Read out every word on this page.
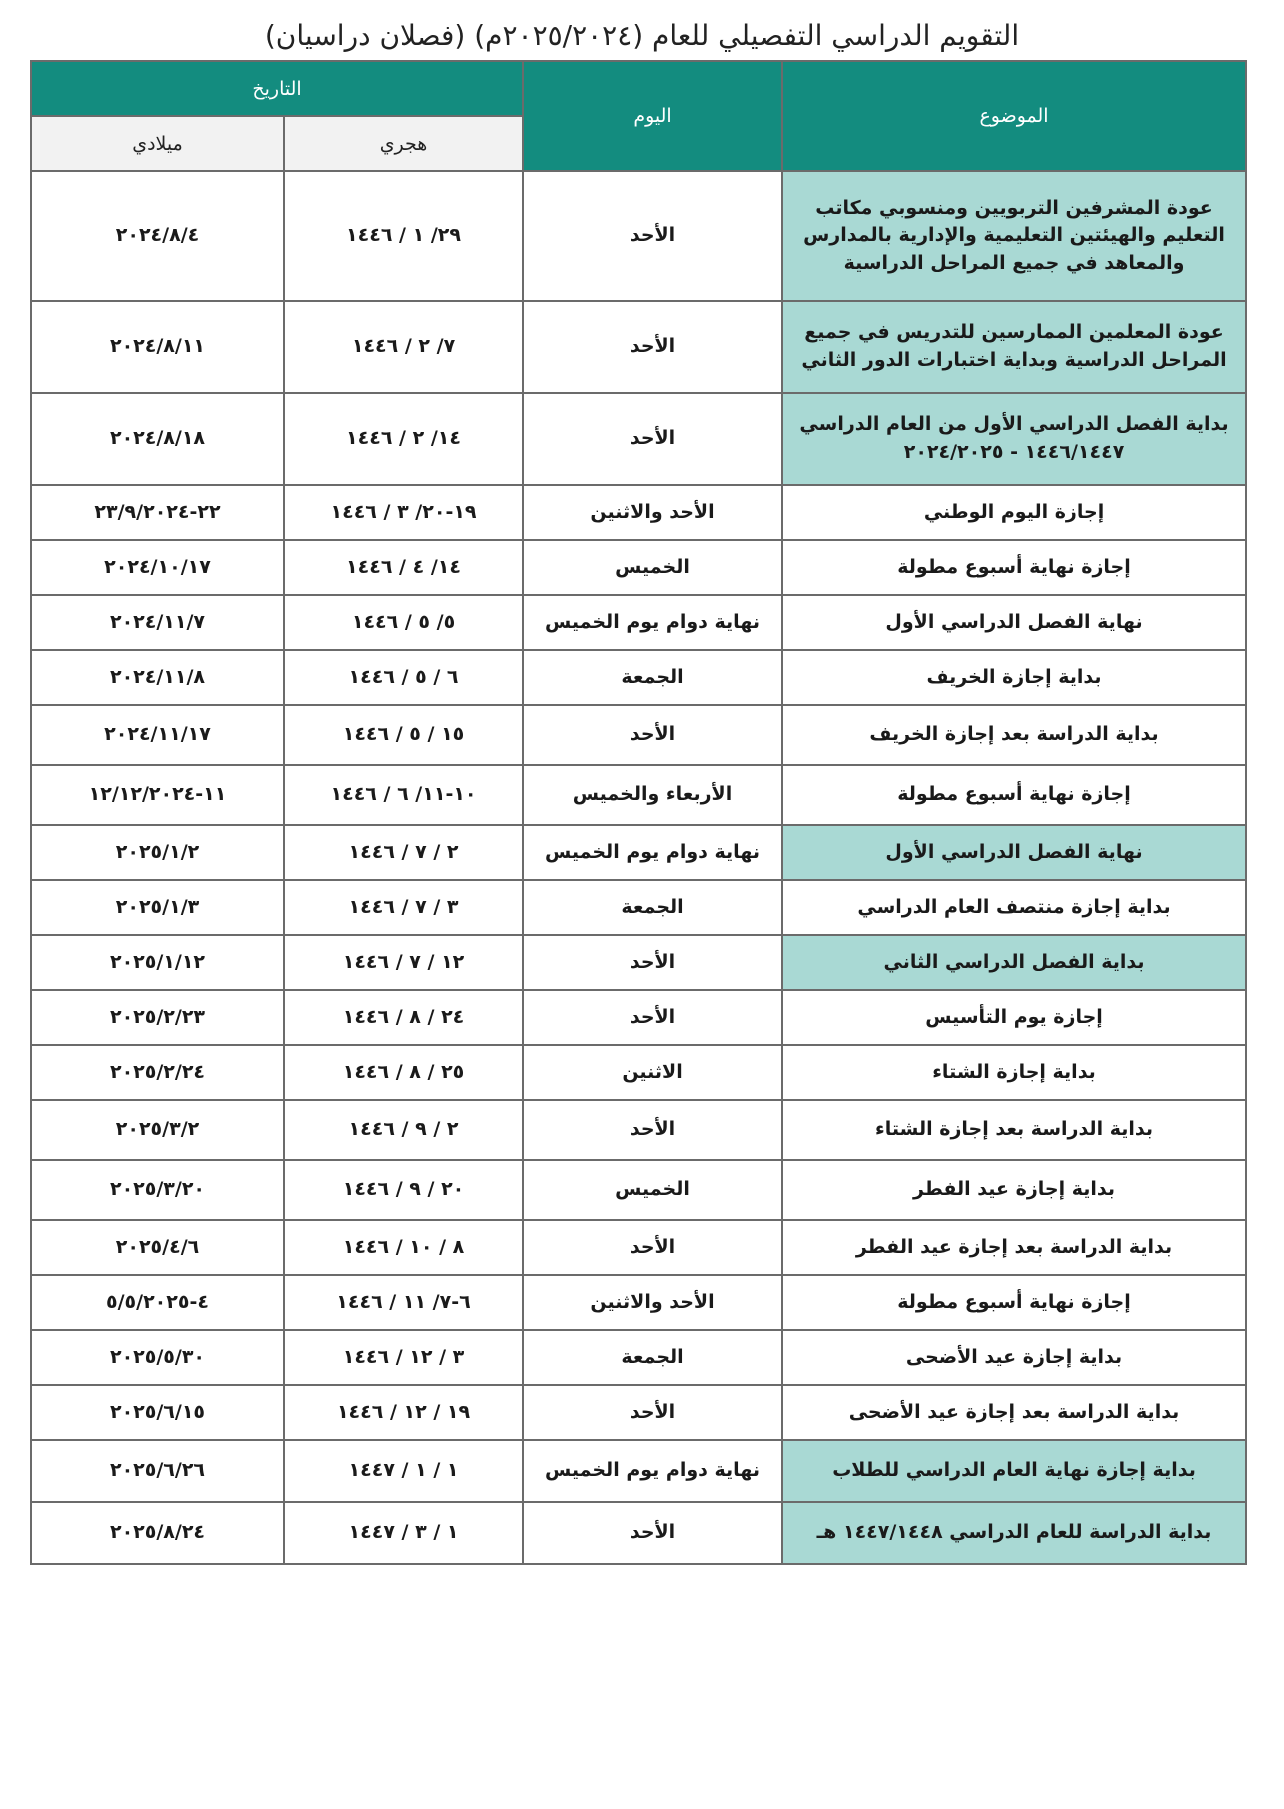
التقويم الدراسي التفصيلي للعام (٢٠٢٥/٢٠٢٤م) (فصلان دراسيان)
الموضوع	اليوم	التاريخ	
		هجري	ميلادي
عودة المشرفين التربويين ومنسوبي مكاتب التعليم والهيئتين التعليمية والإدارية بالمدارس والمعاهد في جميع المراحل الدراسية	الأحد	٢٩/ ١ / ١٤٤٦	٢٠٢٤/٨/٤
عودة المعلمين الممارسين للتدريس في جميع المراحل الدراسية وبداية اختبارات الدور الثاني	الأحد	٧/ ٢ / ١٤٤٦	٢٠٢٤/٨/١١
بداية الفصل الدراسي الأول من العام الدراسي ١٤٤٦/١٤٤٧ - ٢٠٢٤/٢٠٢٥	الأحد	١٤/ ٢ / ١٤٤٦	٢٠٢٤/٨/١٨
إجازة اليوم الوطني	الأحد والاثنين	١٩-٢٠/ ٣ / ١٤٤٦	٢٢-٢٣/٩/٢٠٢٤
إجازة نهاية أسبوع مطولة	الخميس	١٤/ ٤ / ١٤٤٦	٢٠٢٤/١٠/١٧
نهاية الفصل الدراسي الأول	نهاية دوام يوم الخميس	٥/ ٥ / ١٤٤٦	٢٠٢٤/١١/٧
بداية إجازة الخريف	الجمعة	٦ / ٥ / ١٤٤٦	٢٠٢٤/١١/٨
بداية الدراسة بعد إجازة الخريف	الأحد	١٥ / ٥ / ١٤٤٦	٢٠٢٤/١١/١٧
إجازة نهاية أسبوع مطولة	الأربعاء والخميس	١٠-١١/ ٦ / ١٤٤٦	١١-١٢/١٢/٢٠٢٤
نهاية الفصل الدراسي الأول	نهاية دوام يوم الخميس	٢ / ٧ / ١٤٤٦	٢٠٢٥/١/٢
بداية إجازة منتصف العام الدراسي	الجمعة	٣ / ٧ / ١٤٤٦	٢٠٢٥/١/٣
بداية الفصل الدراسي الثاني	الأحد	١٢ / ٧ / ١٤٤٦	٢٠٢٥/١/١٢
إجازة يوم التأسيس	الأحد	٢٤ / ٨ / ١٤٤٦	٢٠٢٥/٢/٢٣
بداية إجازة الشتاء	الاثنين	٢٥ / ٨ / ١٤٤٦	٢٠٢٥/٢/٢٤
بداية الدراسة بعد إجازة الشتاء	الأحد	٢ / ٩ / ١٤٤٦	٢٠٢٥/٣/٢
بداية إجازة عيد الفطر	الخميس	٢٠ / ٩ / ١٤٤٦	٢٠٢٥/٣/٢٠
بداية الدراسة بعد إجازة عيد الفطر	الأحد	٨ / ١٠ / ١٤٤٦	٢٠٢٥/٤/٦
إجازة نهاية أسبوع مطولة	الأحد والاثنين	٦-٧/ ١١ / ١٤٤٦	٤-٥/٥/٢٠٢٥
بداية إجازة عيد الأضحى	الجمعة	٣ / ١٢ / ١٤٤٦	٢٠٢٥/٥/٣٠
بداية الدراسة بعد إجازة عيد الأضحى	الأحد	١٩ / ١٢ / ١٤٤٦	٢٠٢٥/٦/١٥
بداية إجازة نهاية العام الدراسي للطلاب	نهاية دوام يوم الخميس	١ / ١ / ١٤٤٧	٢٠٢٥/٦/٢٦
بداية الدراسة للعام الدراسي ١٤٤٧/١٤٤٨ هـ	الأحد	١ / ٣ / ١٤٤٧	٢٠٢٥/٨/٢٤
